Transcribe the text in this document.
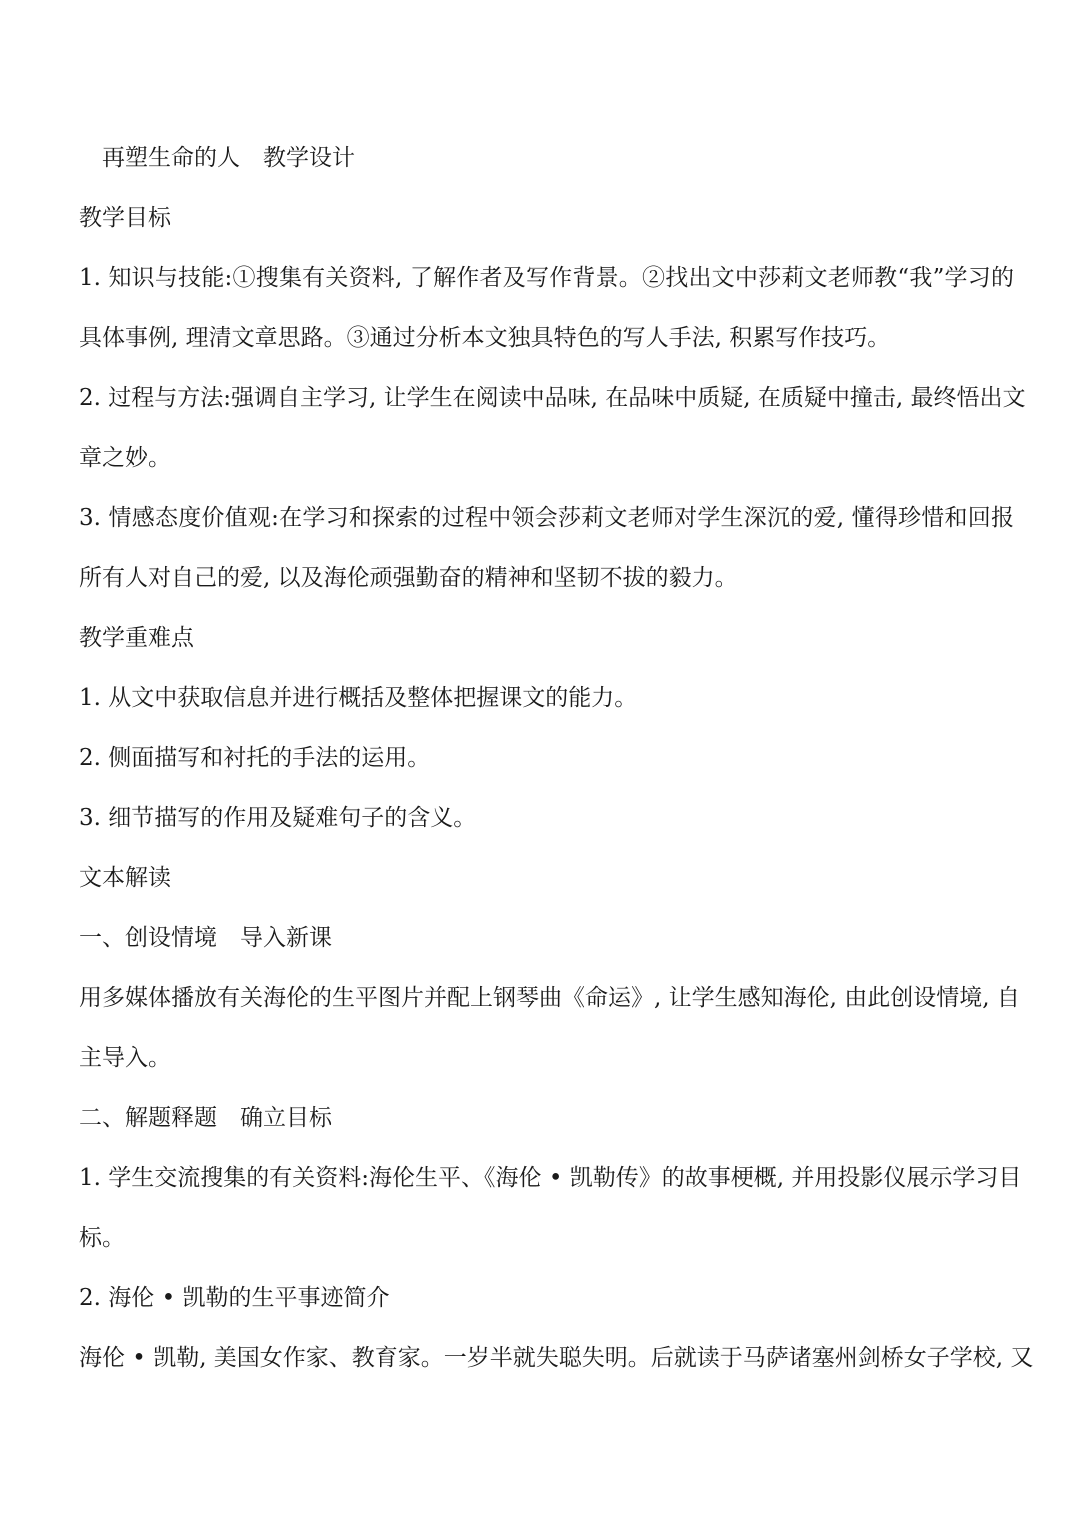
再塑生命的人　教学设计
教学目标
1. 知识与技能:①搜集有关资料, 了解作者及写作背景。②找出文中莎莉文老师教“我”学习的
具体事例, 理清文章思路。③通过分析本文独具特色的写人手法, 积累写作技巧。
2. 过程与方法:强调自主学习, 让学生在阅读中品味, 在品味中质疑, 在质疑中撞击, 最终悟出文
章之妙。
3. 情感态度价值观:在学习和探索的过程中领会莎莉文老师对学生深沉的爱, 懂得珍惜和回报
所有人对自己的爱, 以及海伦顽强勤奋的精神和坚韧不拔的毅力。
教学重难点
1. 从文中获取信息并进行概括及整体把握课文的能力。
2. 侧面描写和衬托的手法的运用。
3. 细节描写的作用及疑难句子的含义。
文本解读
一、创设情境　导入新课
用多媒体播放有关海伦的生平图片并配上钢琴曲《命运》, 让学生感知海伦, 由此创设情境, 自
主导入。
二、解题释题　确立目标
1. 学生交流搜集的有关资料:海伦生平、《海伦 • 凯勒传》的故事梗概, 并用投影仪展示学习目
标。
2. 海伦 • 凯勒的生平事迹简介
海伦 • 凯勒, 美国女作家、教育家。一岁半就失聪失明。后就读于马萨诸塞州剑桥女子学校, 又
